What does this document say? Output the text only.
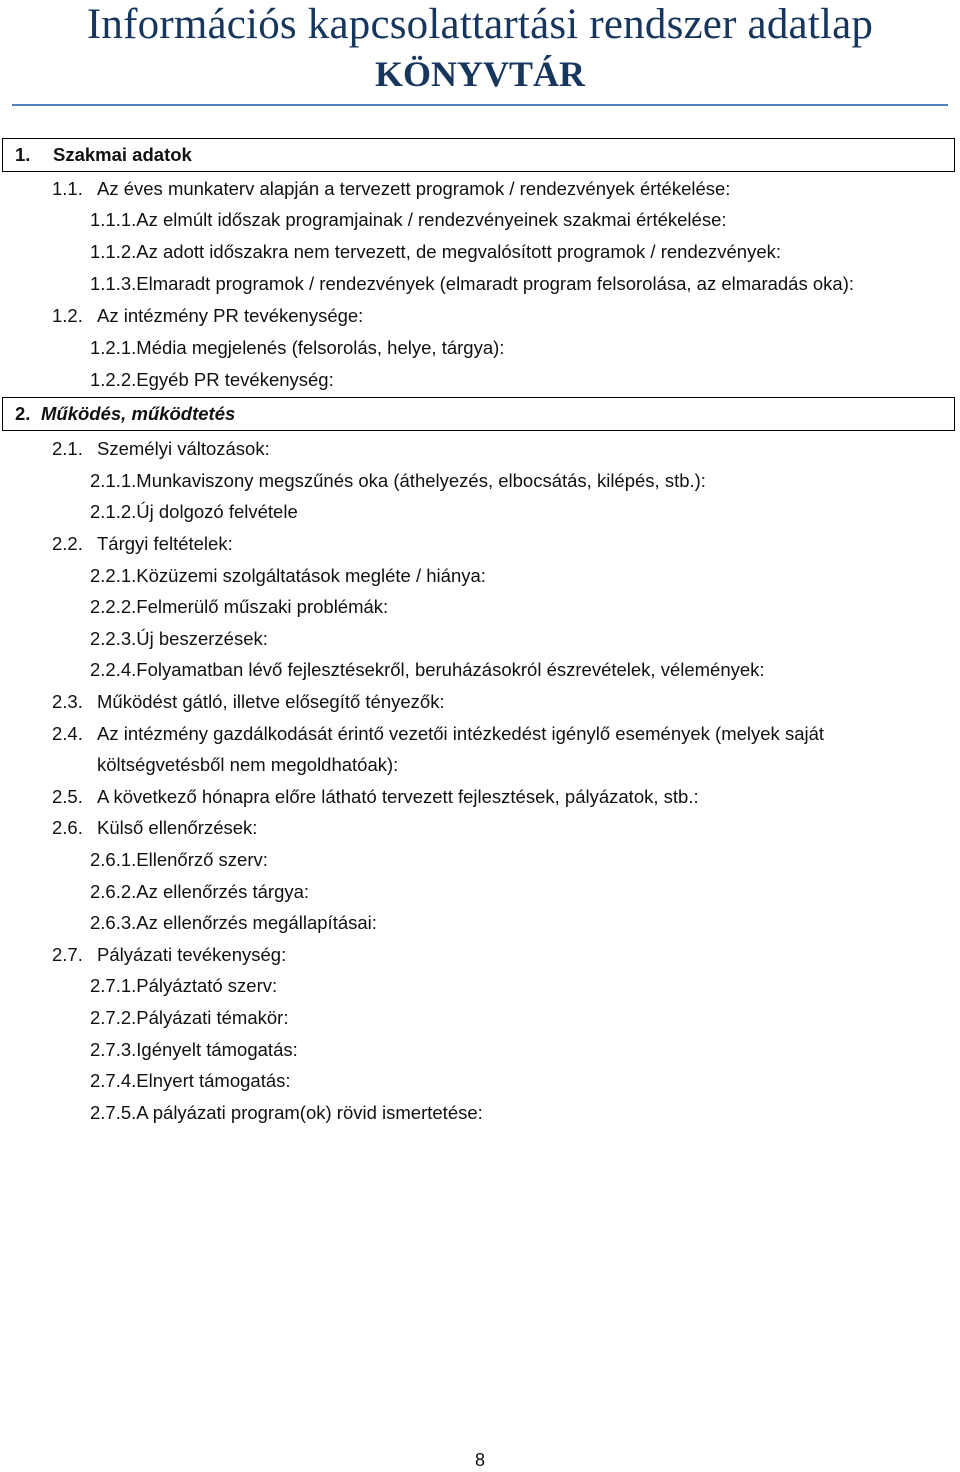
Információs kapcsolattartási rendszer adatlap
KÖNYVTÁR
1. Szakmai adatok
1.1. Az éves munkaterv alapján a tervezett programok / rendezvények értékelése:
1.1.1.Az elmúlt időszak programjainak / rendezvényeinek szakmai értékelése:
1.1.2.Az adott időszakra nem tervezett, de megvalósított programok / rendezvények:
1.1.3.Elmaradt programok / rendezvények (elmaradt program felsorolása, az elmaradás oka):
1.2. Az intézmény PR tevékenysége:
1.2.1.Média megjelenés (felsorolás, helye, tárgya):
1.2.2.Egyéb PR tevékenység:
2. Működés, működtetés
2.1. Személyi változások:
2.1.1.Munkaviszony megszűnés oka (áthelyezés, elbocsátás, kilépés, stb.):
2.1.2.Új dolgozó felvétele
2.2. Tárgyi feltételek:
2.2.1.Közüzemi szolgáltatások megléte / hiánya:
2.2.2.Felmerülő műszaki problémák:
2.2.3.Új beszerzések:
2.2.4.Folyamatban lévő fejlesztésekről, beruházásokról észrevételek, vélemények:
2.3. Működést gátló, illetve elősegítő tényezők:
2.4. Az intézmény gazdálkodását érintő vezetői intézkedést igénylő események (melyek saját
költségvetésből nem megoldhatóak):
2.5. A következő hónapra előre látható tervezett fejlesztések, pályázatok, stb.:
2.6. Külső ellenőrzések:
2.6.1.Ellenőrző szerv:
2.6.2.Az ellenőrzés tárgya:
2.6.3.Az ellenőrzés megállapításai:
2.7. Pályázati tevékenység:
2.7.1.Pályáztató szerv:
2.7.2.Pályázati témakör:
2.7.3.Igényelt támogatás:
2.7.4.Elnyert támogatás:
2.7.5.A pályázati program(ok) rövid ismertetése:
8
